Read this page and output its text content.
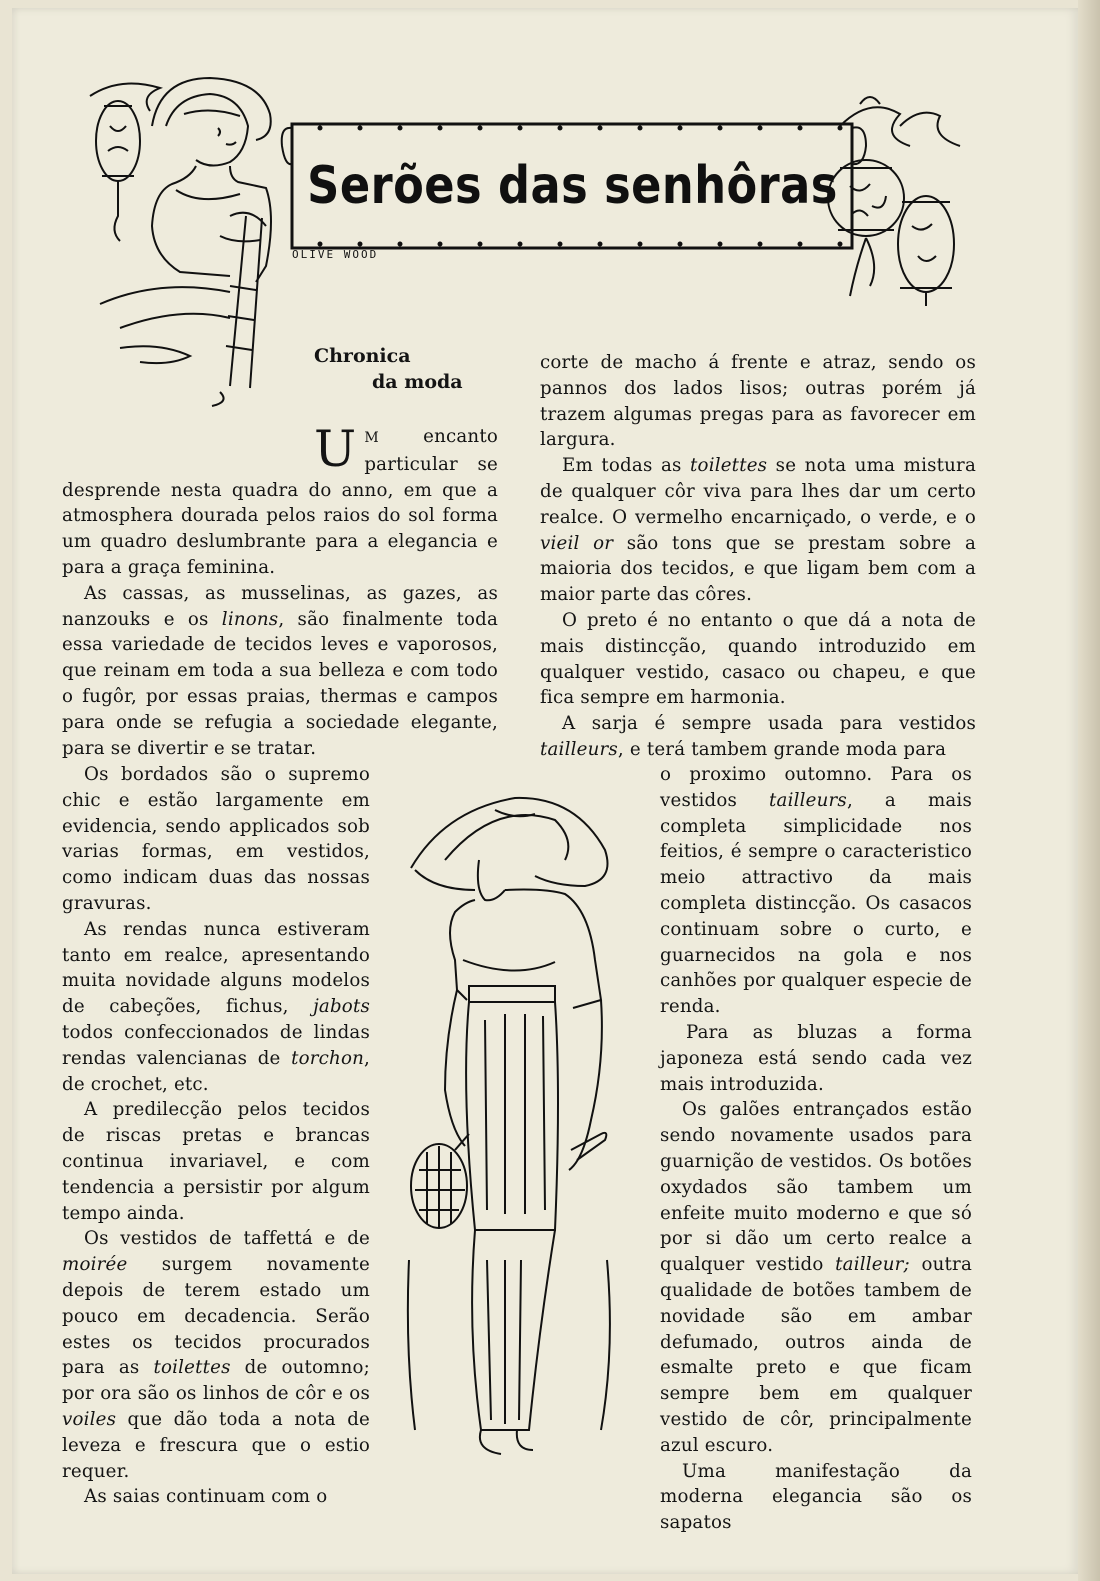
Serões das senhôras
OLIVE WOOD
Chronica
da moda

U M encanto particular se desprende nesta quadra do anno, em que a atmosphera dourada pelos raios do sol forma um quadro deslumbrante para a elegancia e para a graça feminina.

As cassas, as musselinas, as gazes, as nanzouks e os linons, são finalmente toda essa variedade de tecidos leves e vaporosos, que reinam em toda a sua belleza e com todo o fugôr, por essas praias, thermas e campos para onde se refugia a sociedade elegante, para se divertir e se tratar.

Os bordados são o supremo chic e estão largamente em evidencia, sendo applicados sob varias formas, em vestidos, como indicam duas das nossas gravuras.

As rendas nunca estiveram tanto em realce, apresentando muita novidade alguns modelos de cabeções, fichus, jabots todos confeccionados de lindas rendas valencianas de torchon, de crochet, etc.

A predilecção pelos tecidos de riscas pretas e brancas continua invariavel, e com tendencia a persistir por algum tempo ainda.

Os vestidos de taffettá e de moirée surgem novamente depois de terem estado um pouco em decadencia. Serão estes os tecidos procurados para as toilettes de outomno; por ora são os linhos de côr e os voiles que dão toda a nota de leveza e frescura que o estio requer.

As saias continuam com o

corte de macho á frente e atraz, sendo os pannos dos lados lisos; outras porém já trazem algumas pregas para as favorecer em largura.

Em todas as toilettes se nota uma mistura de qualquer côr viva para lhes dar um certo realce. O vermelho encarniçado, o verde, e o vieil or são tons que se prestam sobre a maioria dos tecidos, e que ligam bem com a maior parte das côres.

O preto é no entanto o que dá a nota de mais distincção, quando introduzido em qualquer vestido, casaco ou chapeu, e que fica sempre em harmonia.

A sarja é sempre usada para vestidos tailleurs, e terá tambem grande moda para

o proximo outomno. Para os vestidos tailleurs, a mais completa simplicidade nos feitios, é sempre o caracteristico meio attractivo da mais completa distincção. Os casacos continuam sobre o curto, e guarnecidos na gola e nos canhões por qualquer especie de renda.

Para as bluzas a forma japoneza está sendo cada vez mais introduzida.

Os galões entrançados estão sendo novamente usados para guarnição de vestidos. Os botões oxydados são tambem um enfeite muito moderno e que só por si dão um certo realce a qualquer vestido tailleur; outra qualidade de botões tambem de novidade são em ambar defumado, outros ainda de esmalte preto e que ficam sempre bem em qualquer vestido de côr, principalmente azul escuro.

Uma manifestação da moderna elegancia são os sapatos
